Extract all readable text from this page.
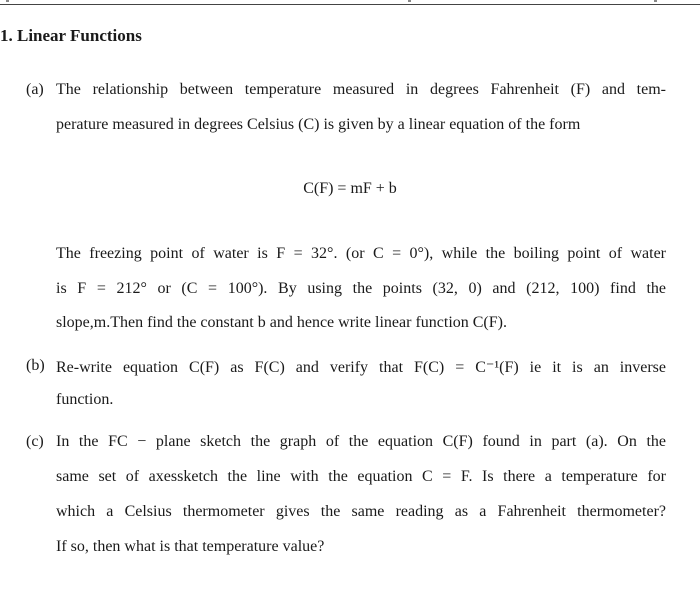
1. Linear Functions
(a) The relationship between temperature measured in degrees Fahrenheit (F) and tem-
perature measured in degrees Celsius (C) is given by a linear equation of the form
C(F) = mF + b
The freezing point of water is F = 32°. (or C = 0°), while the boiling point of water
is F = 212° or (C = 100°). By using the points (32, 0) and (212, 100) find the
slope,m.Then find the constant b and hence write linear function C(F).
(b) Re-write equation C(F) as F(C) and verify that F(C) = C⁻¹(F) ie it is an inverse
function.
(c) In the FC − plane sketch the graph of the equation C(F) found in part (a). On the
same set of axessketch the line with the equation C = F. Is there a temperature for
which a Celsius thermometer gives the same reading as a Fahrenheit thermometer?
If so, then what is that temperature value?
